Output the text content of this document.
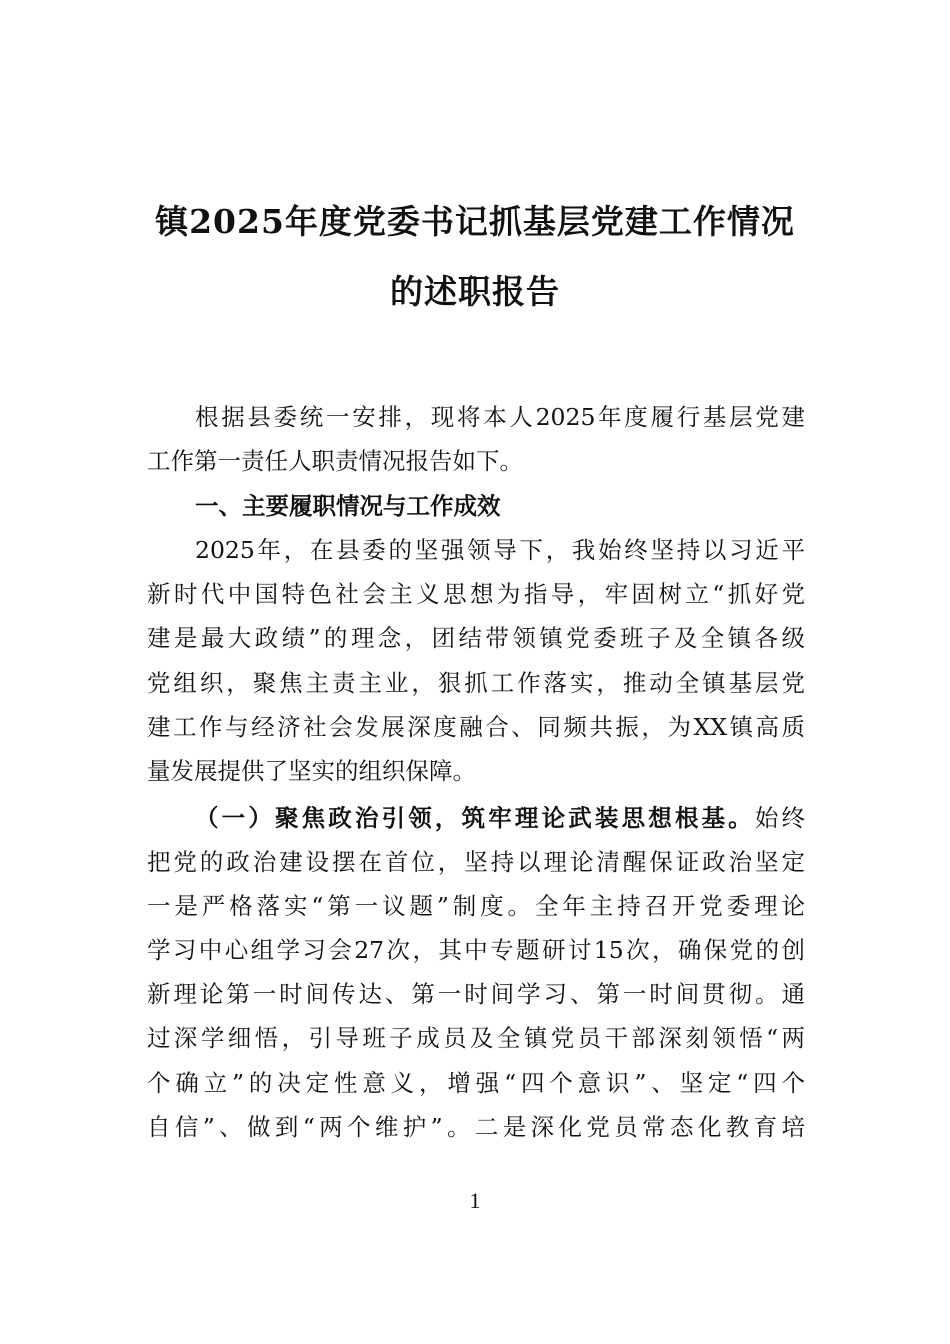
镇2025年度党委书记抓基层党建工作情况
的述职报告
根据县委统一安排，现将本人2025年度履行基层党建
工作第一责任人职责情况报告如下。
一、主要履职情况与工作成效
2025年，在县委的坚强领导下，我始终坚持以习近平
新时代中国特色社会主义思想为指导，牢固树立“抓好党
建是最大政绩”的理念，团结带领镇党委班子及全镇各级
党组织，聚焦主责主业，狠抓工作落实，推动全镇基层党
建工作与经济社会发展深度融合、同频共振，为XX镇高质
量发展提供了坚实的组织保障。
（一）聚焦政治引领，筑牢理论武装思想根基。始终
把党的政治建设摆在首位，坚持以理论清醒保证政治坚定
一是严格落实“第一议题”制度。全年主持召开党委理论
学习中心组学习会27次，其中专题研讨15次，确保党的创
新理论第一时间传达、第一时间学习、第一时间贯彻。通
过深学细悟，引导班子成员及全镇党员干部深刻领悟“两
个确立”的决定性意义，增强“四个意识”、坚定“四个
自信”、做到“两个维护”。二是深化党员常态化教育培
1
